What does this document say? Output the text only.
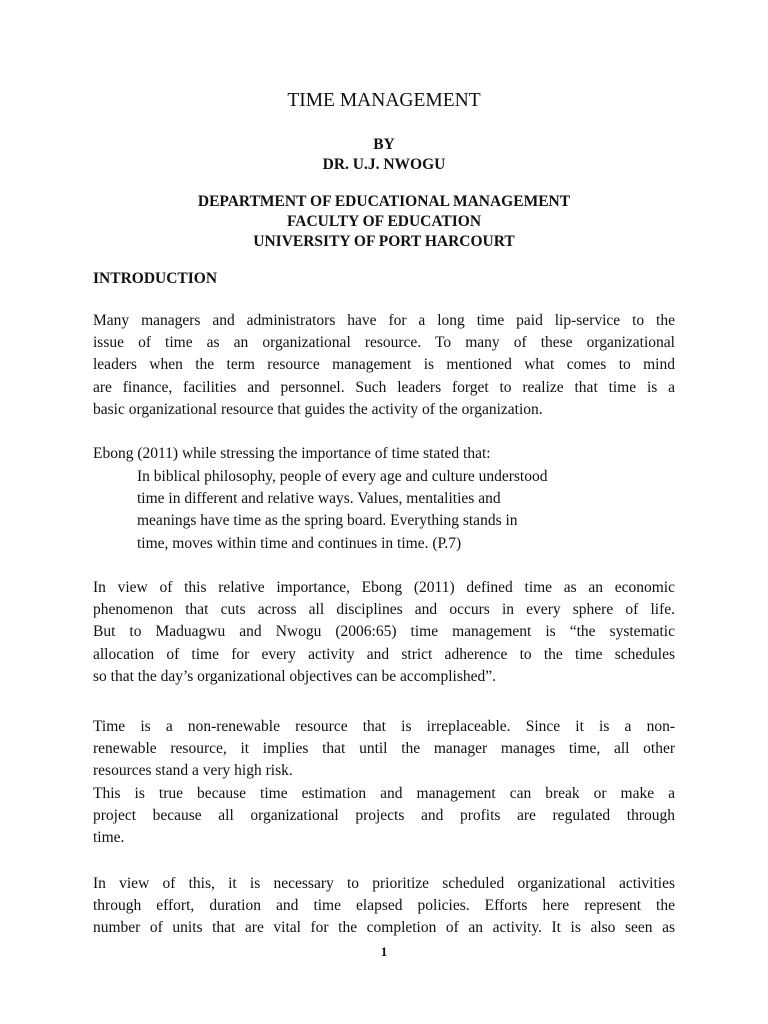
TIME MANAGEMENT
BY
DR. U.J. NWOGU
DEPARTMENT OF EDUCATIONAL MANAGEMENT
FACULTY OF EDUCATION
UNIVERSITY OF PORT HARCOURT
INTRODUCTION
Many managers and administrators have for a long time paid lip-service to the
issue of time as an organizational resource. To many of these organizational
leaders when the term resource management is mentioned what comes to mind
are finance, facilities and personnel. Such leaders forget to realize that time is a
basic organizational resource that guides the activity of the organization.
Ebong (2011) while stressing the importance of time stated that:
In biblical philosophy, people of every age and culture understood
time in different and relative ways. Values, mentalities and
meanings have time as the spring board. Everything stands in
time, moves within time and continues in time. (P.7)
In view of this relative importance, Ebong (2011) defined time as an economic
phenomenon that cuts across all disciplines and occurs in every sphere of life.
But to Maduagwu and Nwogu (2006:65) time management is “the systematic
allocation of time for every activity and strict adherence to the time schedules
so that the day’s organizational objectives can be accomplished”.
Time is a non-renewable resource that is irreplaceable. Since it is a non-
renewable resource, it implies that until the manager manages time, all other
resources stand a very high risk.
This is true because time estimation and management can break or make a
project because all organizational projects and profits are regulated through
time.
In view of this, it is necessary to prioritize scheduled organizational activities
through effort, duration and time elapsed policies. Efforts here represent the
number of units that are vital for the completion of an activity. It is also seen as
1
